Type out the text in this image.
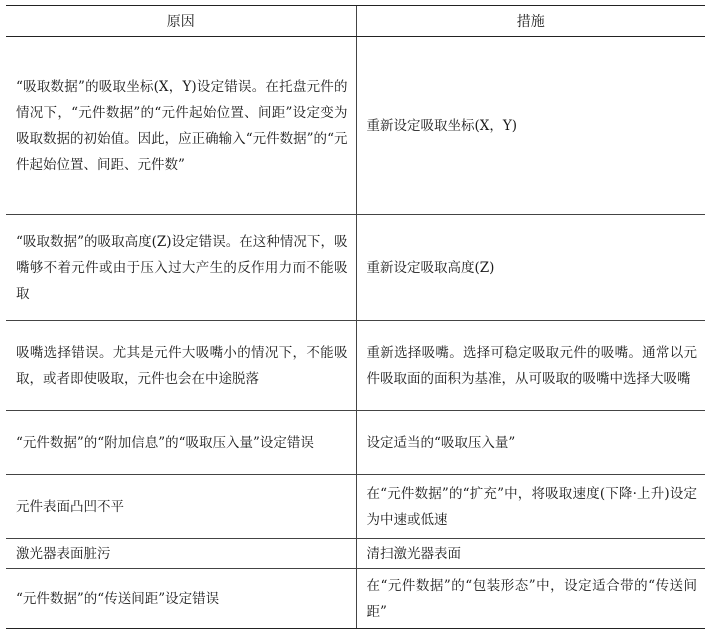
原因	措施
“吸取数据”的吸取坐标(X，Y)设定错误。在托盘元件的情况下，“元件数据”的“元件起始位置、间距”设定变为吸取数据的初始值。因此，应正确输入“元件数据”的“元件起始位置、间距、元件数”	重新设定吸取坐标(X，Y)
“吸取数据”的吸取高度(Z)设定错误。在这种情况下，吸嘴够不着元件或由于压入过大产生的反作用力而不能吸取	重新设定吸取高度(Z)
吸嘴选择错误。尤其是元件大吸嘴小的情况下，不能吸取，或者即使吸取，元件也会在中途脱落	重新选择吸嘴。选择可稳定吸取元件的吸嘴。通常以元件吸取面的面积为基准，从可吸取的吸嘴中选择大吸嘴
“元件数据”的“附加信息”的“吸取压入量”设定错误	设定适当的“吸取压入量”
元件表面凸凹不平	在“元件数据”的“扩充”中，将吸取速度(下降·上升)设定为中速或低速
激光器表面脏污	清扫激光器表面
“元件数据”的“传送间距”设定错误	在“元件数据”的“包装形态”中，设定适合带的“传送间距”
